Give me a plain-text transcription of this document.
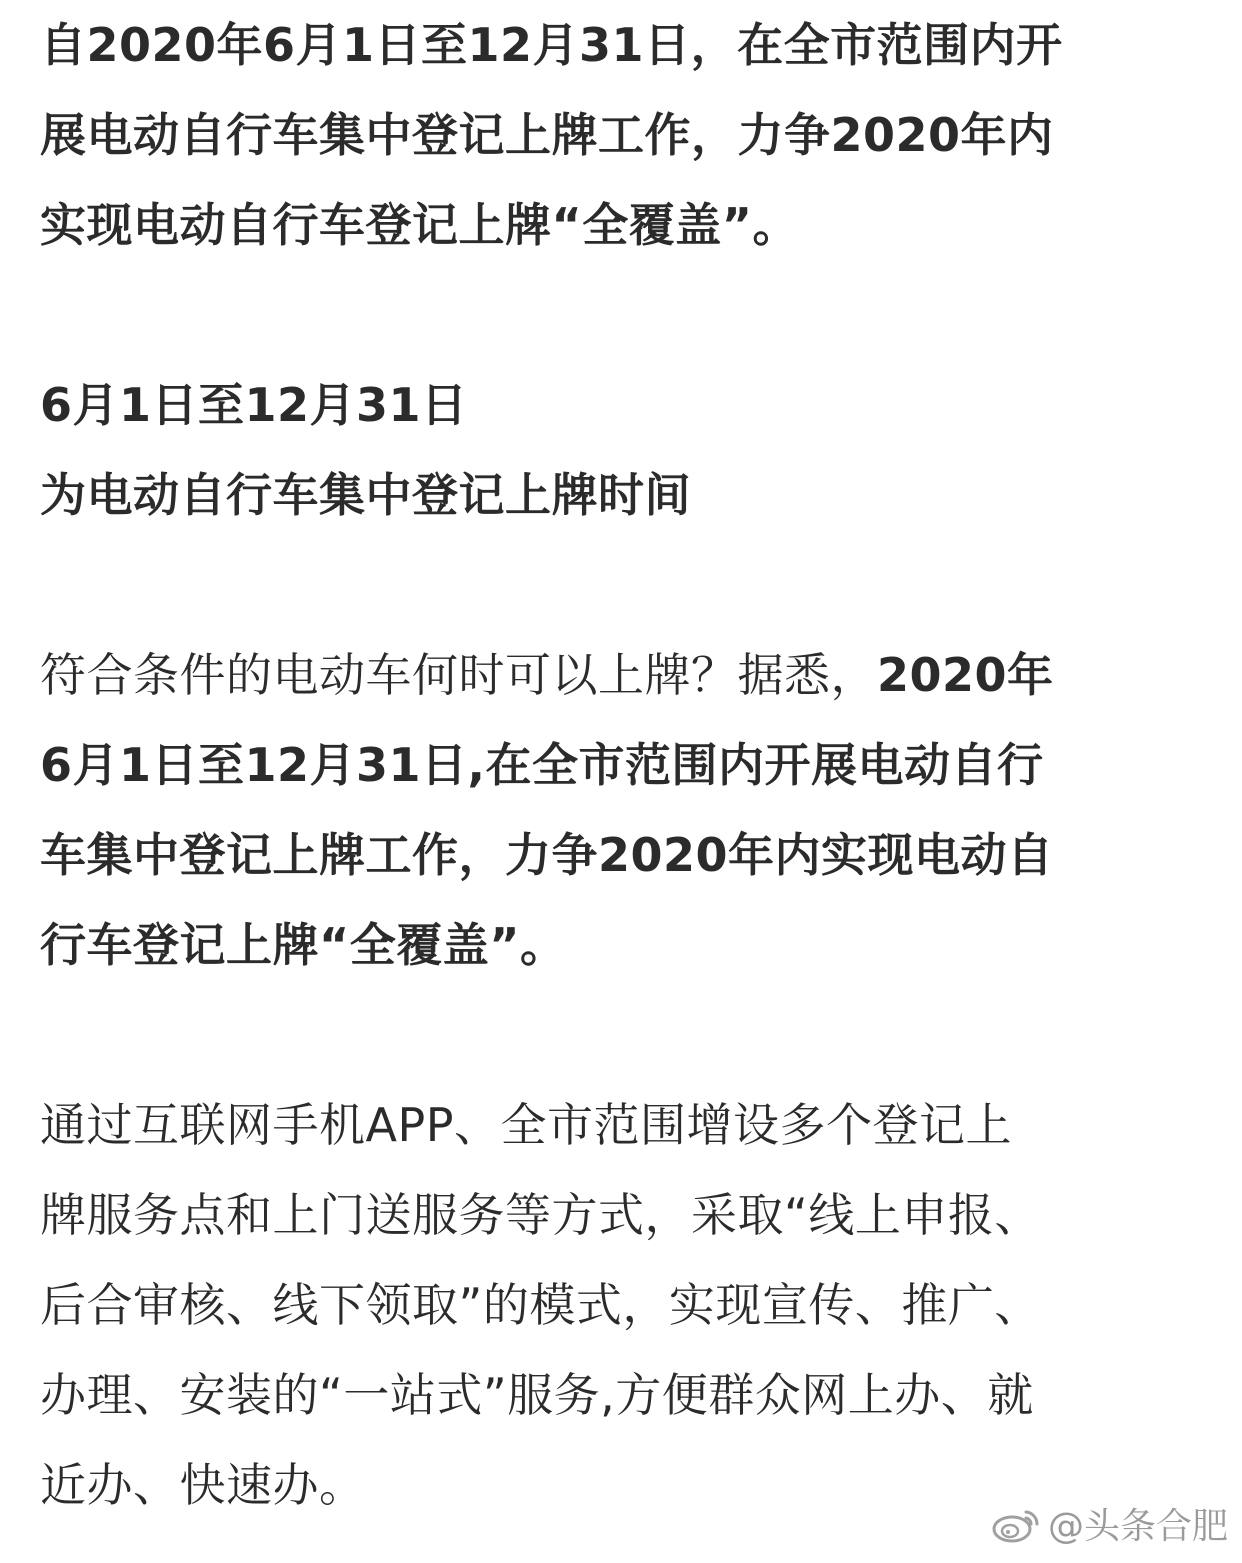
自2020年6月1日至12月31日，在全市范围内开
展电动自行车集中登记上牌工作，力争2020年内
实现电动自行车登记上牌“全覆盖”。
6月1日至12月31日
为电动自行车集中登记上牌时间
符合条件的电动车何时可以上牌？据悉，2020年
6月1日至12月31日,在全市范围内开展电动自行
车集中登记上牌工作，力争2020年内实现电动自
行车登记上牌“全覆盖”。
通过互联网手机APP、全市范围增设多个登记上
牌服务点和上门送服务等方式，采取“线上申报、
后合审核、线下领取”的模式，实现宣传、推广、
办理、安装的“一站式”服务,方便群众网上办、就
近办、快速办。
@头条合肥
